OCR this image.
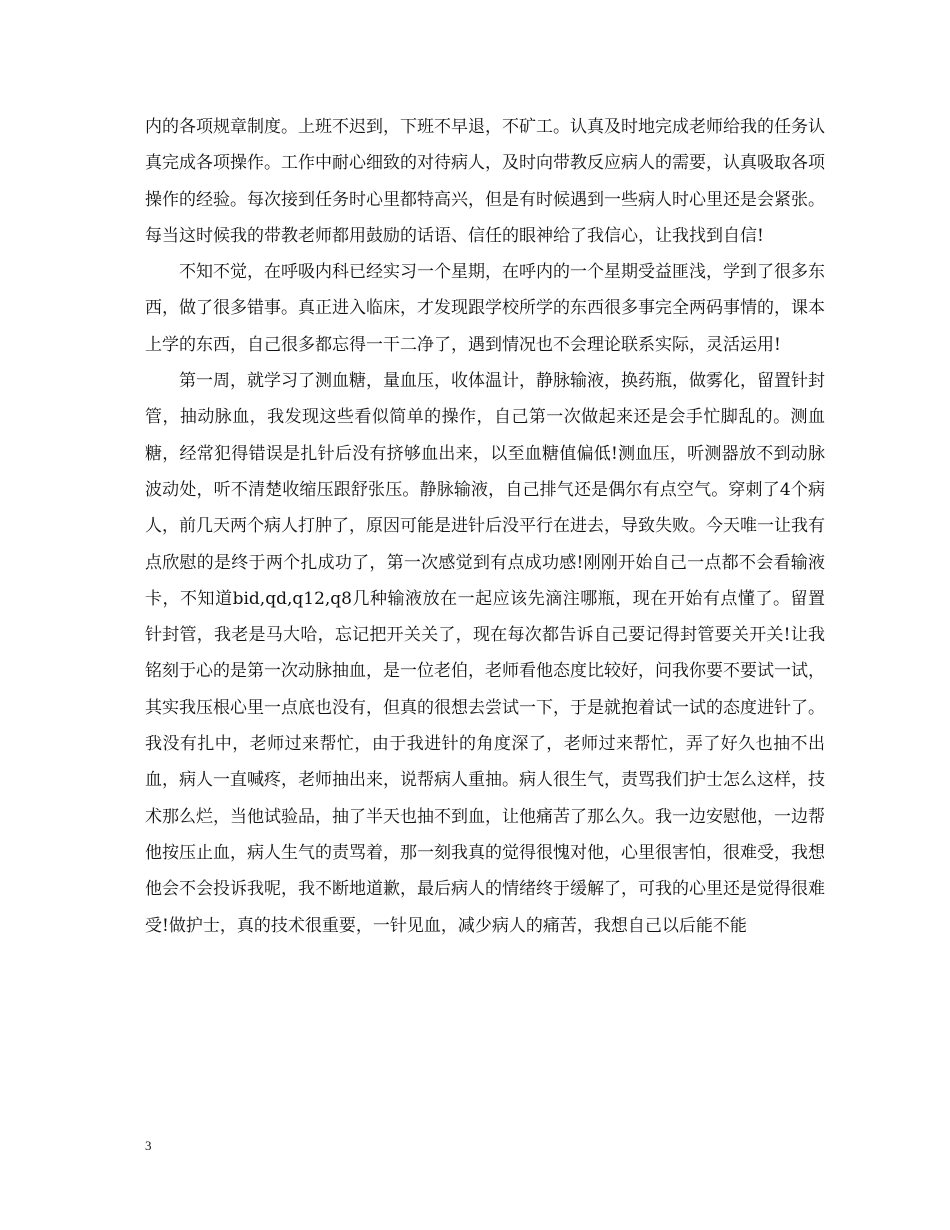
内的各项规章制度。上班不迟到，下班不早退，不矿工。认真及时地完成老师给我的任务认真完成各项操作。工作中耐心细致的对待病人，及时向带教反应病人的需要，认真吸取各项操作的经验。每次接到任务时心里都特高兴，但是有时候遇到一些病人时心里还是会紧张。每当这时候我的带教老师都用鼓励的话语、信任的眼神给了我信心，让我找到自信!

不知不觉，在呼吸内科已经实习一个星期，在呼内的一个星期受益匪浅，学到了很多东西，做了很多错事。真正进入临床，才发现跟学校所学的东西很多事完全两码事情的，课本上学的东西，自己很多都忘得一干二净了，遇到情况也不会理论联系实际，灵活运用!

第一周，就学习了测血糖，量血压，收体温计，静脉输液，换药瓶，做雾化，留置针封管，抽动脉血，我发现这些看似简单的操作，自己第一次做起来还是会手忙脚乱的。测血糖，经常犯得错误是扎针后没有挤够血出来，以至血糖值偏低!测血压，听测器放不到动脉波动处，听不清楚收缩压跟舒张压。静脉输液，自己排气还是偶尔有点空气。穿刺了4个病人，前几天两个病人打肿了，原因可能是进针后没平行在进去，导致失败。今天唯一让我有点欣慰的是终于两个扎成功了，第一次感觉到有点成功感!刚刚开始自己一点都不会看输液卡，不知道bid,qd,q12,q8几种输液放在一起应该先滴注哪瓶，现在开始有点懂了。留置针封管，我老是马大哈，忘记把开关关了，现在每次都告诉自己要记得封管要关开关!让我铭刻于心的是第一次动脉抽血，是一位老伯，老师看他态度比较好，问我你要不要试一试，其实我压根心里一点底也没有，但真的很想去尝试一下，于是就抱着试一试的态度进针了。我没有扎中，老师过来帮忙，由于我进针的角度深了，老师过来帮忙，弄了好久也抽不出血，病人一直喊疼，老师抽出来，说帮病人重抽。病人很生气，责骂我们护士怎么这样，技术那么烂，当他试验品，抽了半天也抽不到血，让他痛苦了那么久。我一边安慰他，一边帮他按压止血，病人生气的责骂着，那一刻我真的觉得很愧对他，心里很害怕，很难受，我想他会不会投诉我呢，我不断地道歉，最后病人的情绪终于缓解了，可我的心里还是觉得很难受!做护士，真的技术很重要，一针见血，减少病人的痛苦，我想自己以后能不能

3
